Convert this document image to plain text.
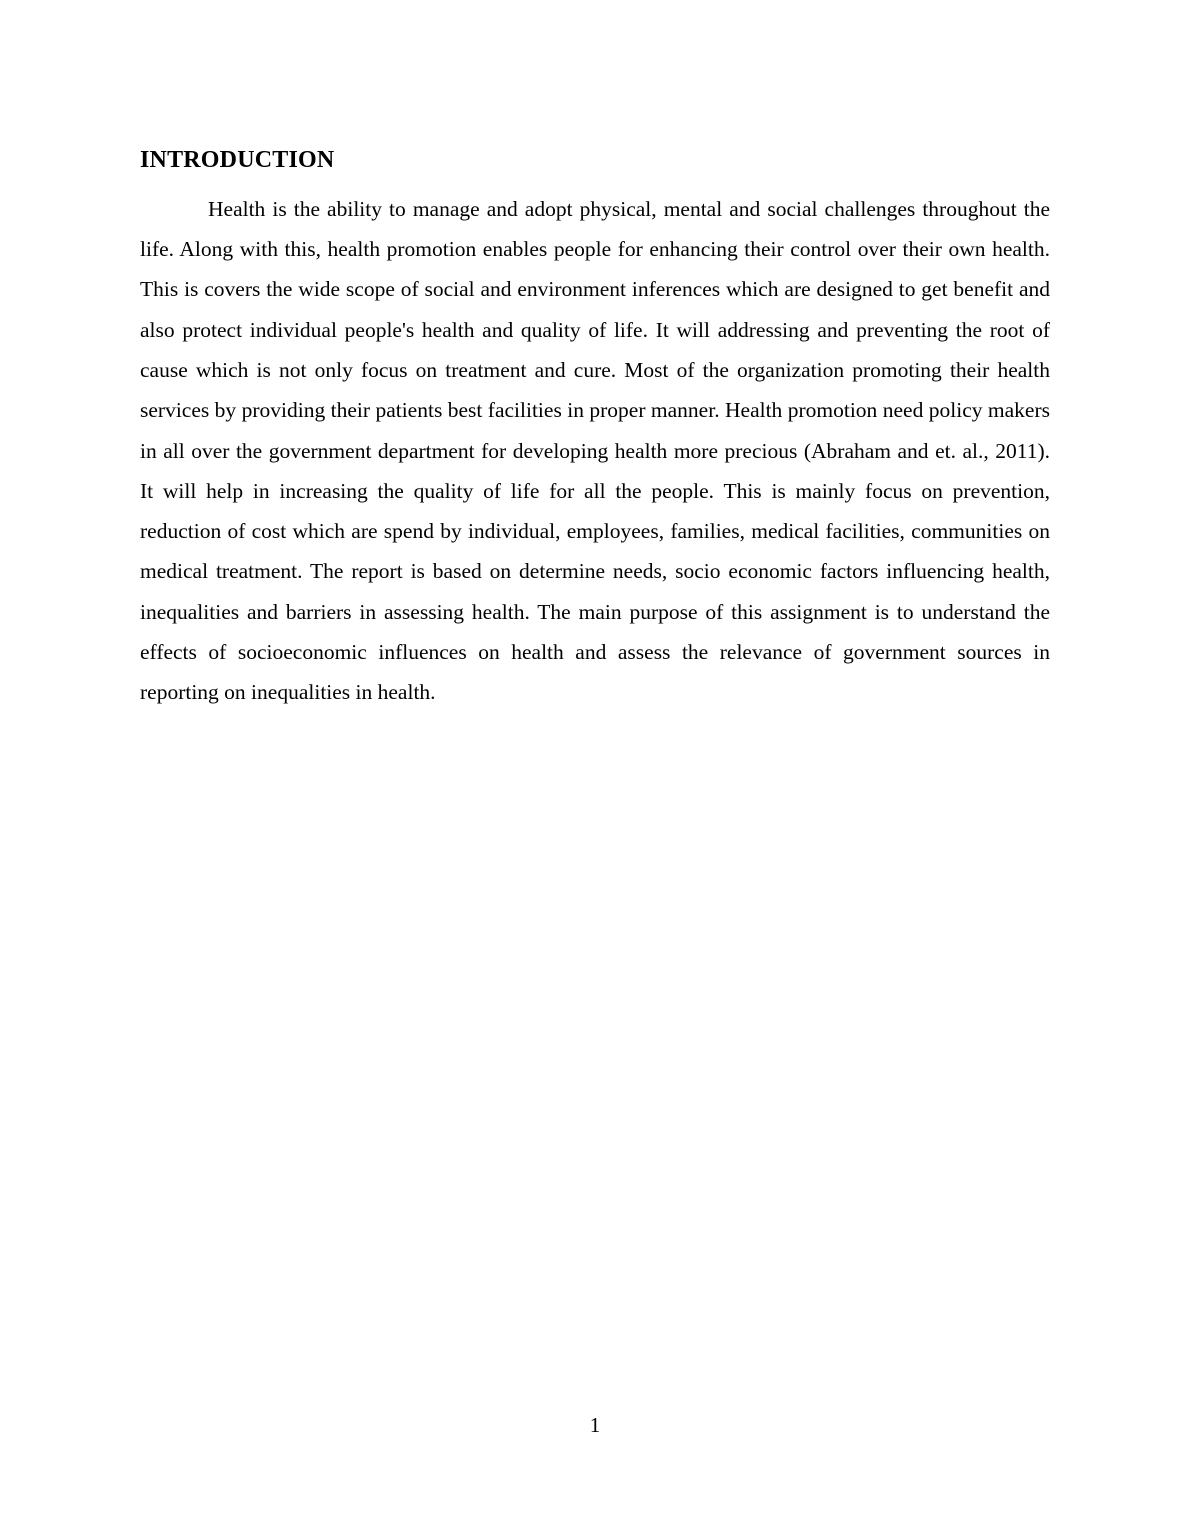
INTRODUCTION

Health is the ability to manage and adopt physical, mental and social challenges throughout the life. Along with this, health promotion enables people for enhancing their control over their own health. This is covers the wide scope of social and environment inferences which are designed to get benefit and also protect individual people's health and quality of life. It will addressing and preventing the root of cause which is not only focus on treatment and cure. Most of the organization promoting their health services by providing their patients best facilities in proper manner. Health promotion need policy makers in all over the government department for developing health more precious (Abraham and et. al., 2011). It will help in increasing the quality of life for all the people. This is mainly focus on prevention, reduction of cost which are spend by individual, employees, families, medical facilities, communities on medical treatment. The report is based on determine needs, socio economic factors influencing health, inequalities and barriers in assessing health. The main purpose of this assignment is to understand the effects of socioeconomic influences on health and assess the relevance of government sources in reporting on inequalities in health.

1
